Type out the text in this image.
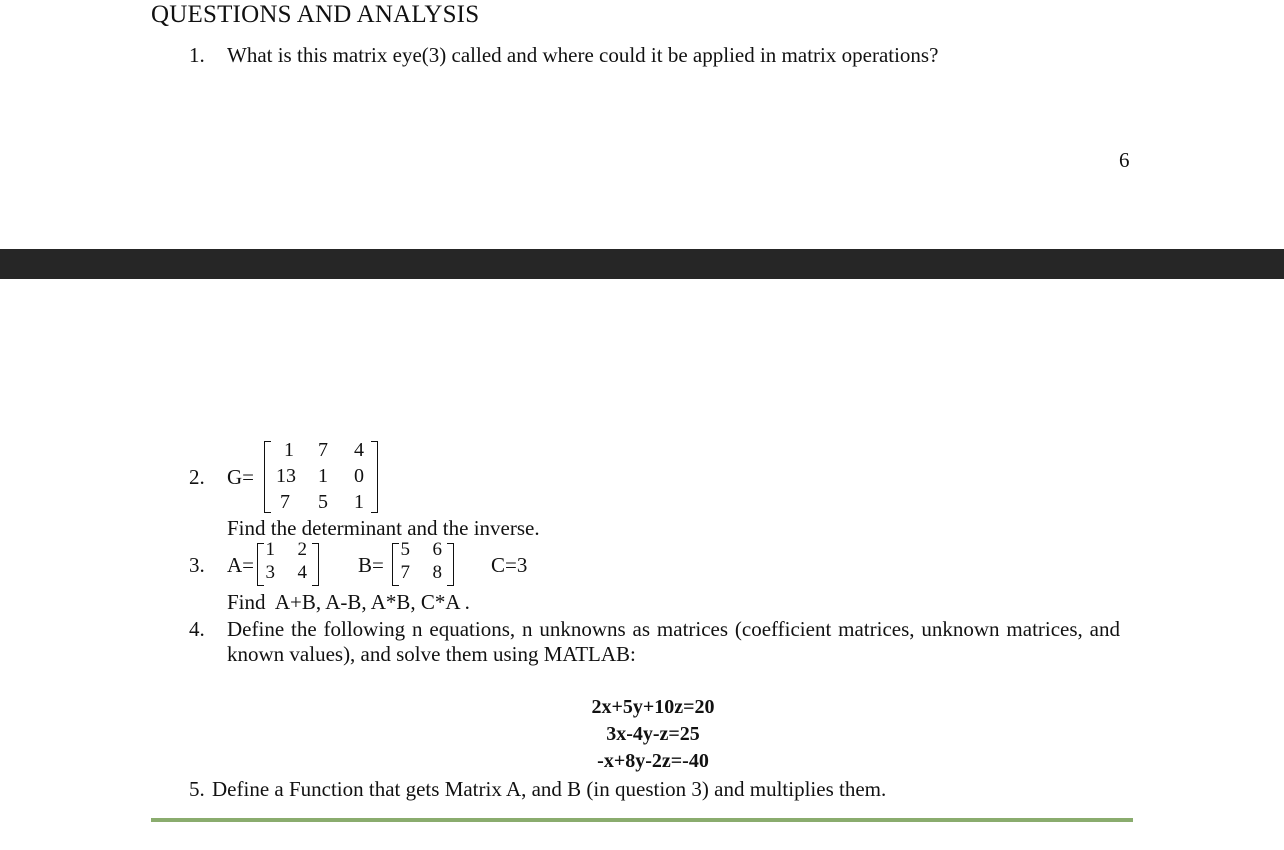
QUESTIONS AND ANALYSIS
1. What is this matrix eye(3) called and where could it be applied in matrix operations?
6
2. G=
1 7	4
13 1	0
7 5	1
Find the determinant and the inverse.
3. A=
1 2
3 4 B=
5 6
7 8 C=3
Find  A+B, A-B, A*B, C*A .
4. Define the following n equations, n unknowns as matrices (coefficient matrices, unknown matrices, and known values), and solve them using MATLAB:
2x+5y+10z=20
3x-4y-z=25
-x+8y-2z=-40
5. Define a Function that gets Matrix A, and B (in question 3) and multiplies them.
